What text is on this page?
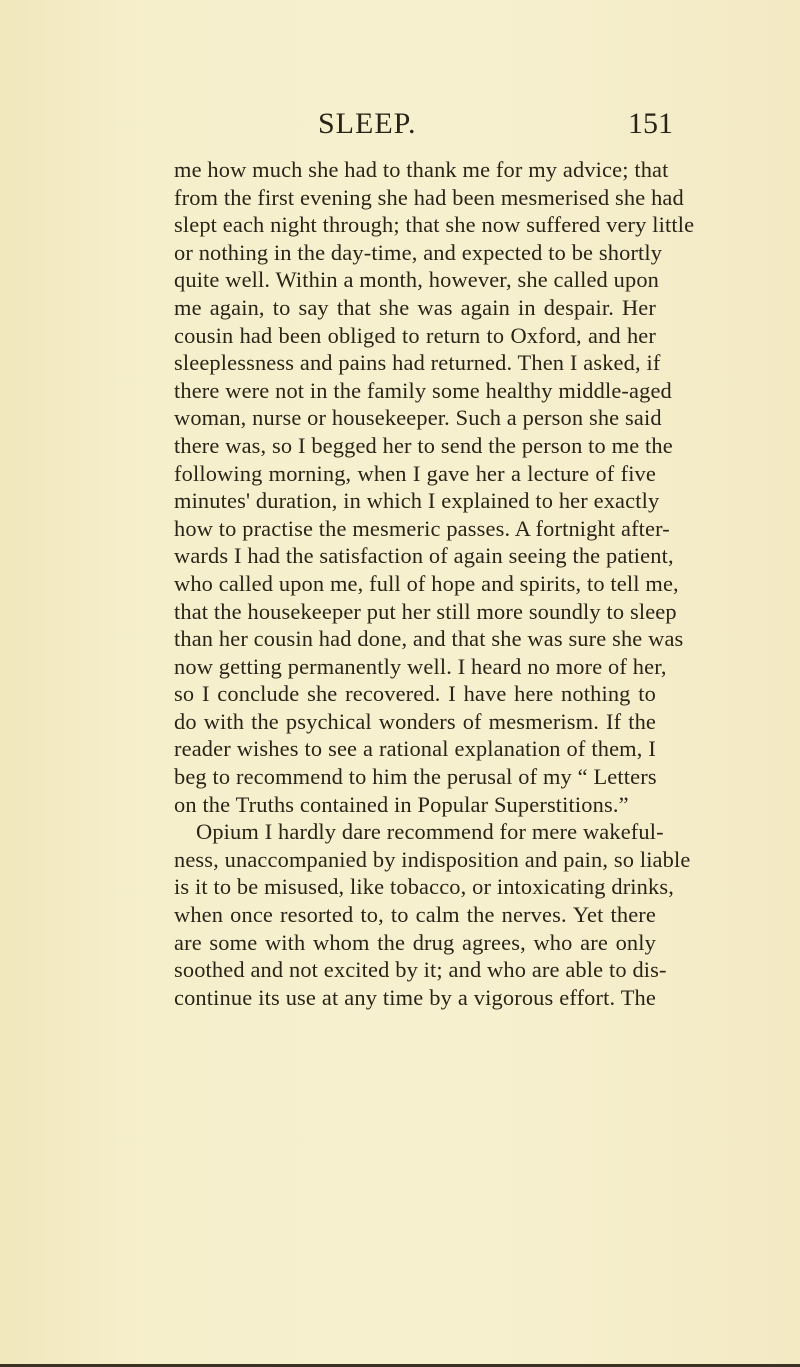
SLEEP.	151
me how much she had to thank me for my advice; that
from the first evening she had been mesmerised she had
slept each night through; that she now suffered very little
or nothing in the day-time, and expected to be shortly
quite well. Within a month, however, she called upon
me again, to say that she was again in despair. Her
cousin had been obliged to return to Oxford, and her
sleeplessness and pains had returned. Then I asked, if
there were not in the family some healthy middle-aged
woman, nurse or housekeeper. Such a person she said
there was, so I begged her to send the person to me the
following morning, when I gave her a lecture of five
minutes' duration, in which I explained to her exactly
how to practise the mesmeric passes. A fortnight after-
wards I had the satisfaction of again seeing the patient,
who called upon me, full of hope and spirits, to tell me,
that the housekeeper put her still more soundly to sleep
than her cousin had done, and that she was sure she was
now getting permanently well. I heard no more of her,
so I conclude she recovered. I have here nothing to
do with the psychical wonders of mesmerism. If the
reader wishes to see a rational explanation of them, I
beg to recommend to him the perusal of my “ Letters
on the Truths contained in Popular Superstitions.”
Opium I hardly dare recommend for mere wakeful-
ness, unaccompanied by indisposition and pain, so liable
is it to be misused, like tobacco, or intoxicating drinks,
when once resorted to, to calm the nerves. Yet there
are some with whom the drug agrees, who are only
soothed and not excited by it; and who are able to dis-
continue its use at any time by a vigorous effort. The
